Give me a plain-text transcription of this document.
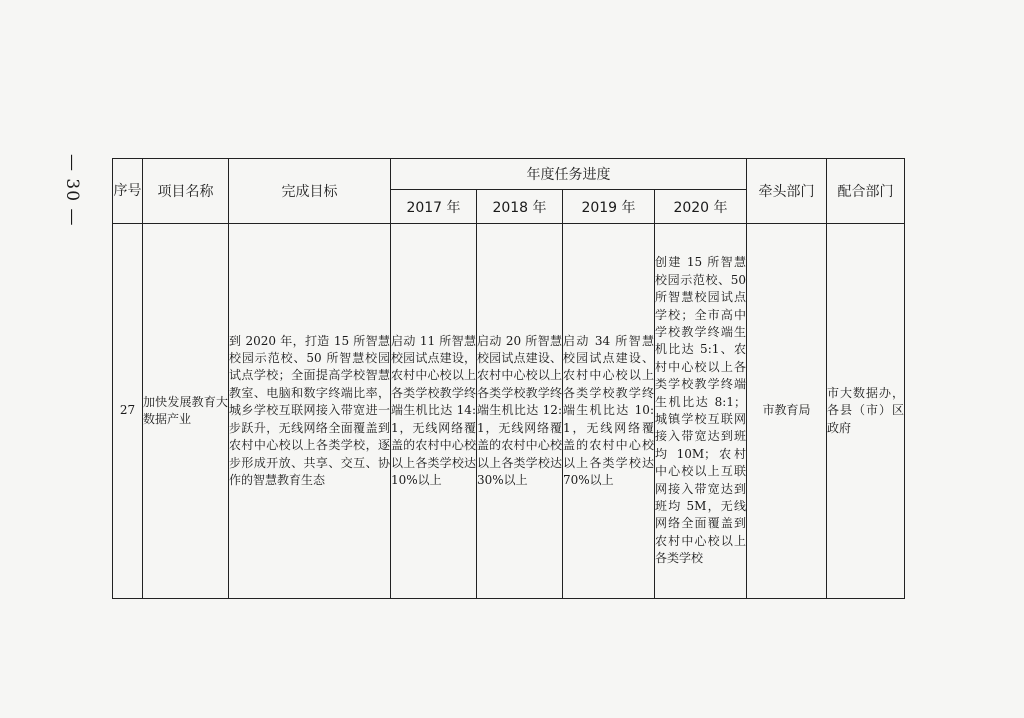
— 30 — 序号	项目名称	完成目标	年度任务进度				牵头部门	配合部门
			2017 年	2018 年	2019 年	2020 年		
27	加快发展教育大数据产业	到 2020 年，打造 15 所智慧校园示范校、50 所智慧校园试点学校；全面提高学校智慧教室、电脑和数字终端比率，城乡学校互联网接入带宽进一步跃升，无线网络全面覆盖到农村中心校以上各类学校，逐步形成开放、共享、交互、协作的智慧教育生态	启动 11 所智慧校园试点建设，农村中心校以上各类学校教学终端生机比达 14:1，无线网络覆盖的农村中心校以上各类学校达 10%以上	启动 20 所智慧校园试点建设、农村中心校以上各类学校教学终端生机比达 12:1，无线网络覆盖的农村中心校以上各类学校达 30%以上	启动 34 所智慧校园试点建设、农村中心校以上各类学校教学终端生机比达 10:1，无线网络覆盖的农村中心校以上各类学校达 70%以上	创建 15 所智慧校园示范校、50 所智慧校园试点学校；全市高中学校教学终端生机比达 5:1、农村中心校以上各类学校教学终端生机比达 8:1；城镇学校互联网接入带宽达到班均 10M；农村中心校以上互联网接入带宽达到班均 5M，无线网络全面覆盖到农村中心校以上各类学校	市教育局	市大数据办，各县（市）区政府
